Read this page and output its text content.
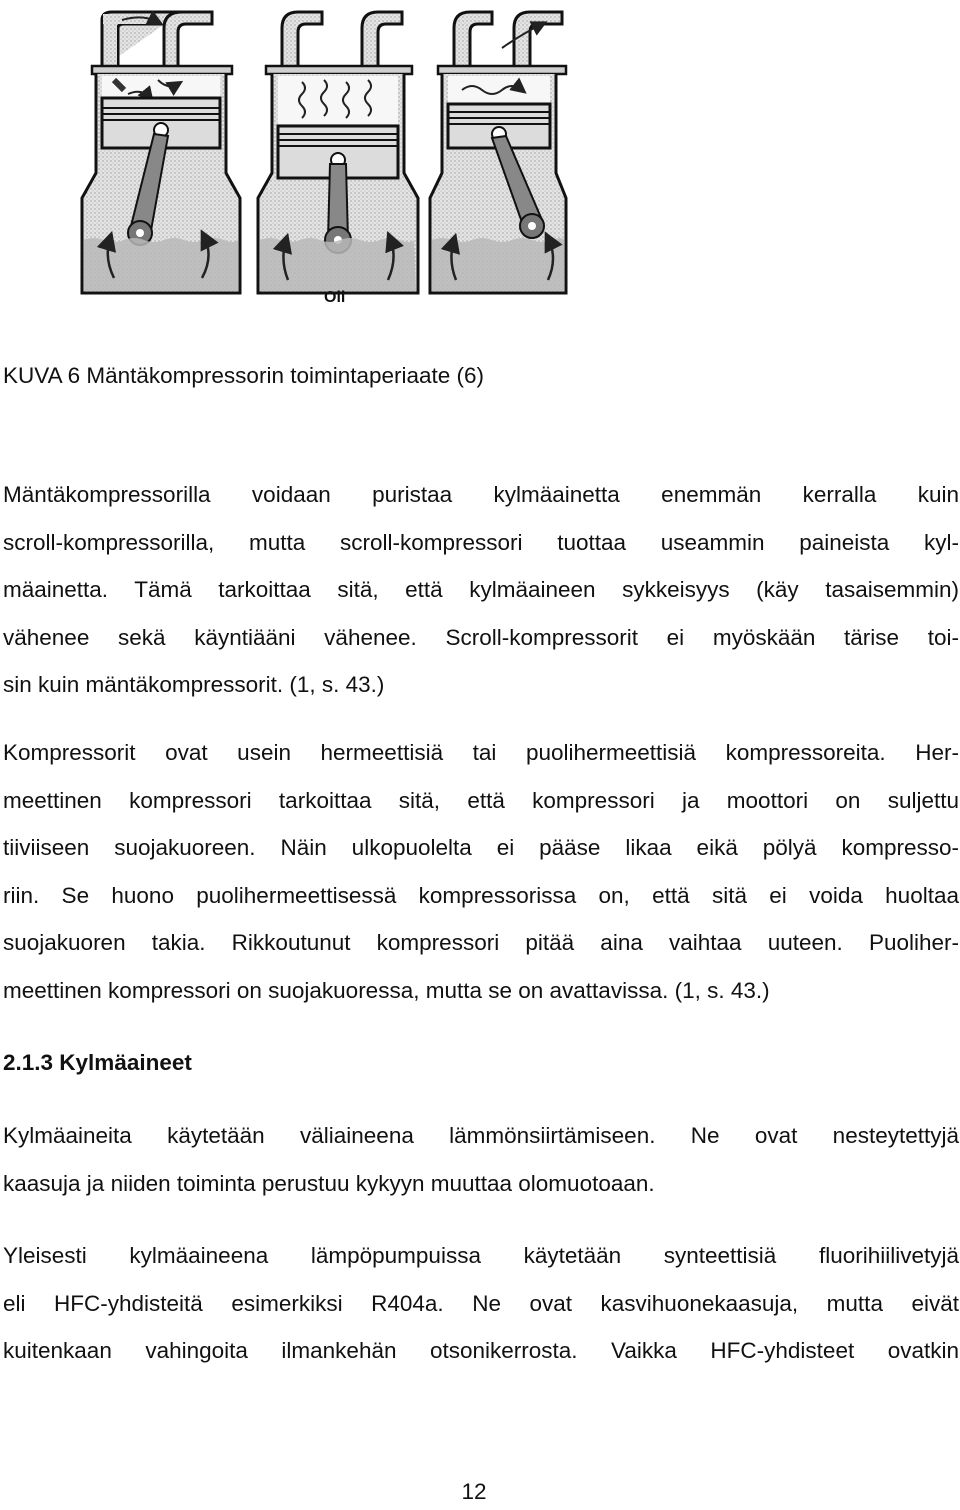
Oil

KUVA 6 Mäntäkompressorin toimintaperiaate (6)

Mäntäkompressorilla voidaan puristaa kylmäainetta enemmän kerralla kuin
scroll-kompressorilla, mutta scroll-kompressori tuottaa useammin paineista kyl-
mäainetta. Tämä tarkoittaa sitä, että kylmäaineen sykkeisyys (käy tasaisemmin)
vähenee sekä käyntiääni vähenee. Scroll-kompressorit ei myöskään tärise toi-
sin kuin mäntäkompressorit. (1, s. 43.)
Kompressorit ovat usein hermeettisiä tai puolihermeettisiä kompressoreita. Her-
meettinen kompressori tarkoittaa sitä, että kompressori ja moottori on suljettu
tiiviiseen suojakuoreen. Näin ulkopuolelta ei pääse likaa eikä pölyä kompresso-
riin. Se huono puolihermeettisessä kompressorissa on, että sitä ei voida huoltaa
suojakuoren takia. Rikkoutunut kompressori pitää aina vaihtaa uuteen. Puoliher-
meettinen kompressori on suojakuoressa, mutta se on avattavissa. (1, s. 43.)
2.1.3 Kylmäaineet
Kylmäaineita käytetään väliaineena lämmönsiirtämiseen. Ne ovat nesteytettyjä
kaasuja ja niiden toiminta perustuu kykyyn muuttaa olomuotoaan.
Yleisesti kylmäaineena lämpöpumpuissa käytetään synteettisiä fluorihiilivetyjä
eli HFC-yhdisteitä esimerkiksi R404a. Ne ovat kasvihuonekaasuja, mutta eivät
kuitenkaan vahingoita ilmankehän otsonikerrosta. Vaikka HFC-yhdisteet ovatkin
12
